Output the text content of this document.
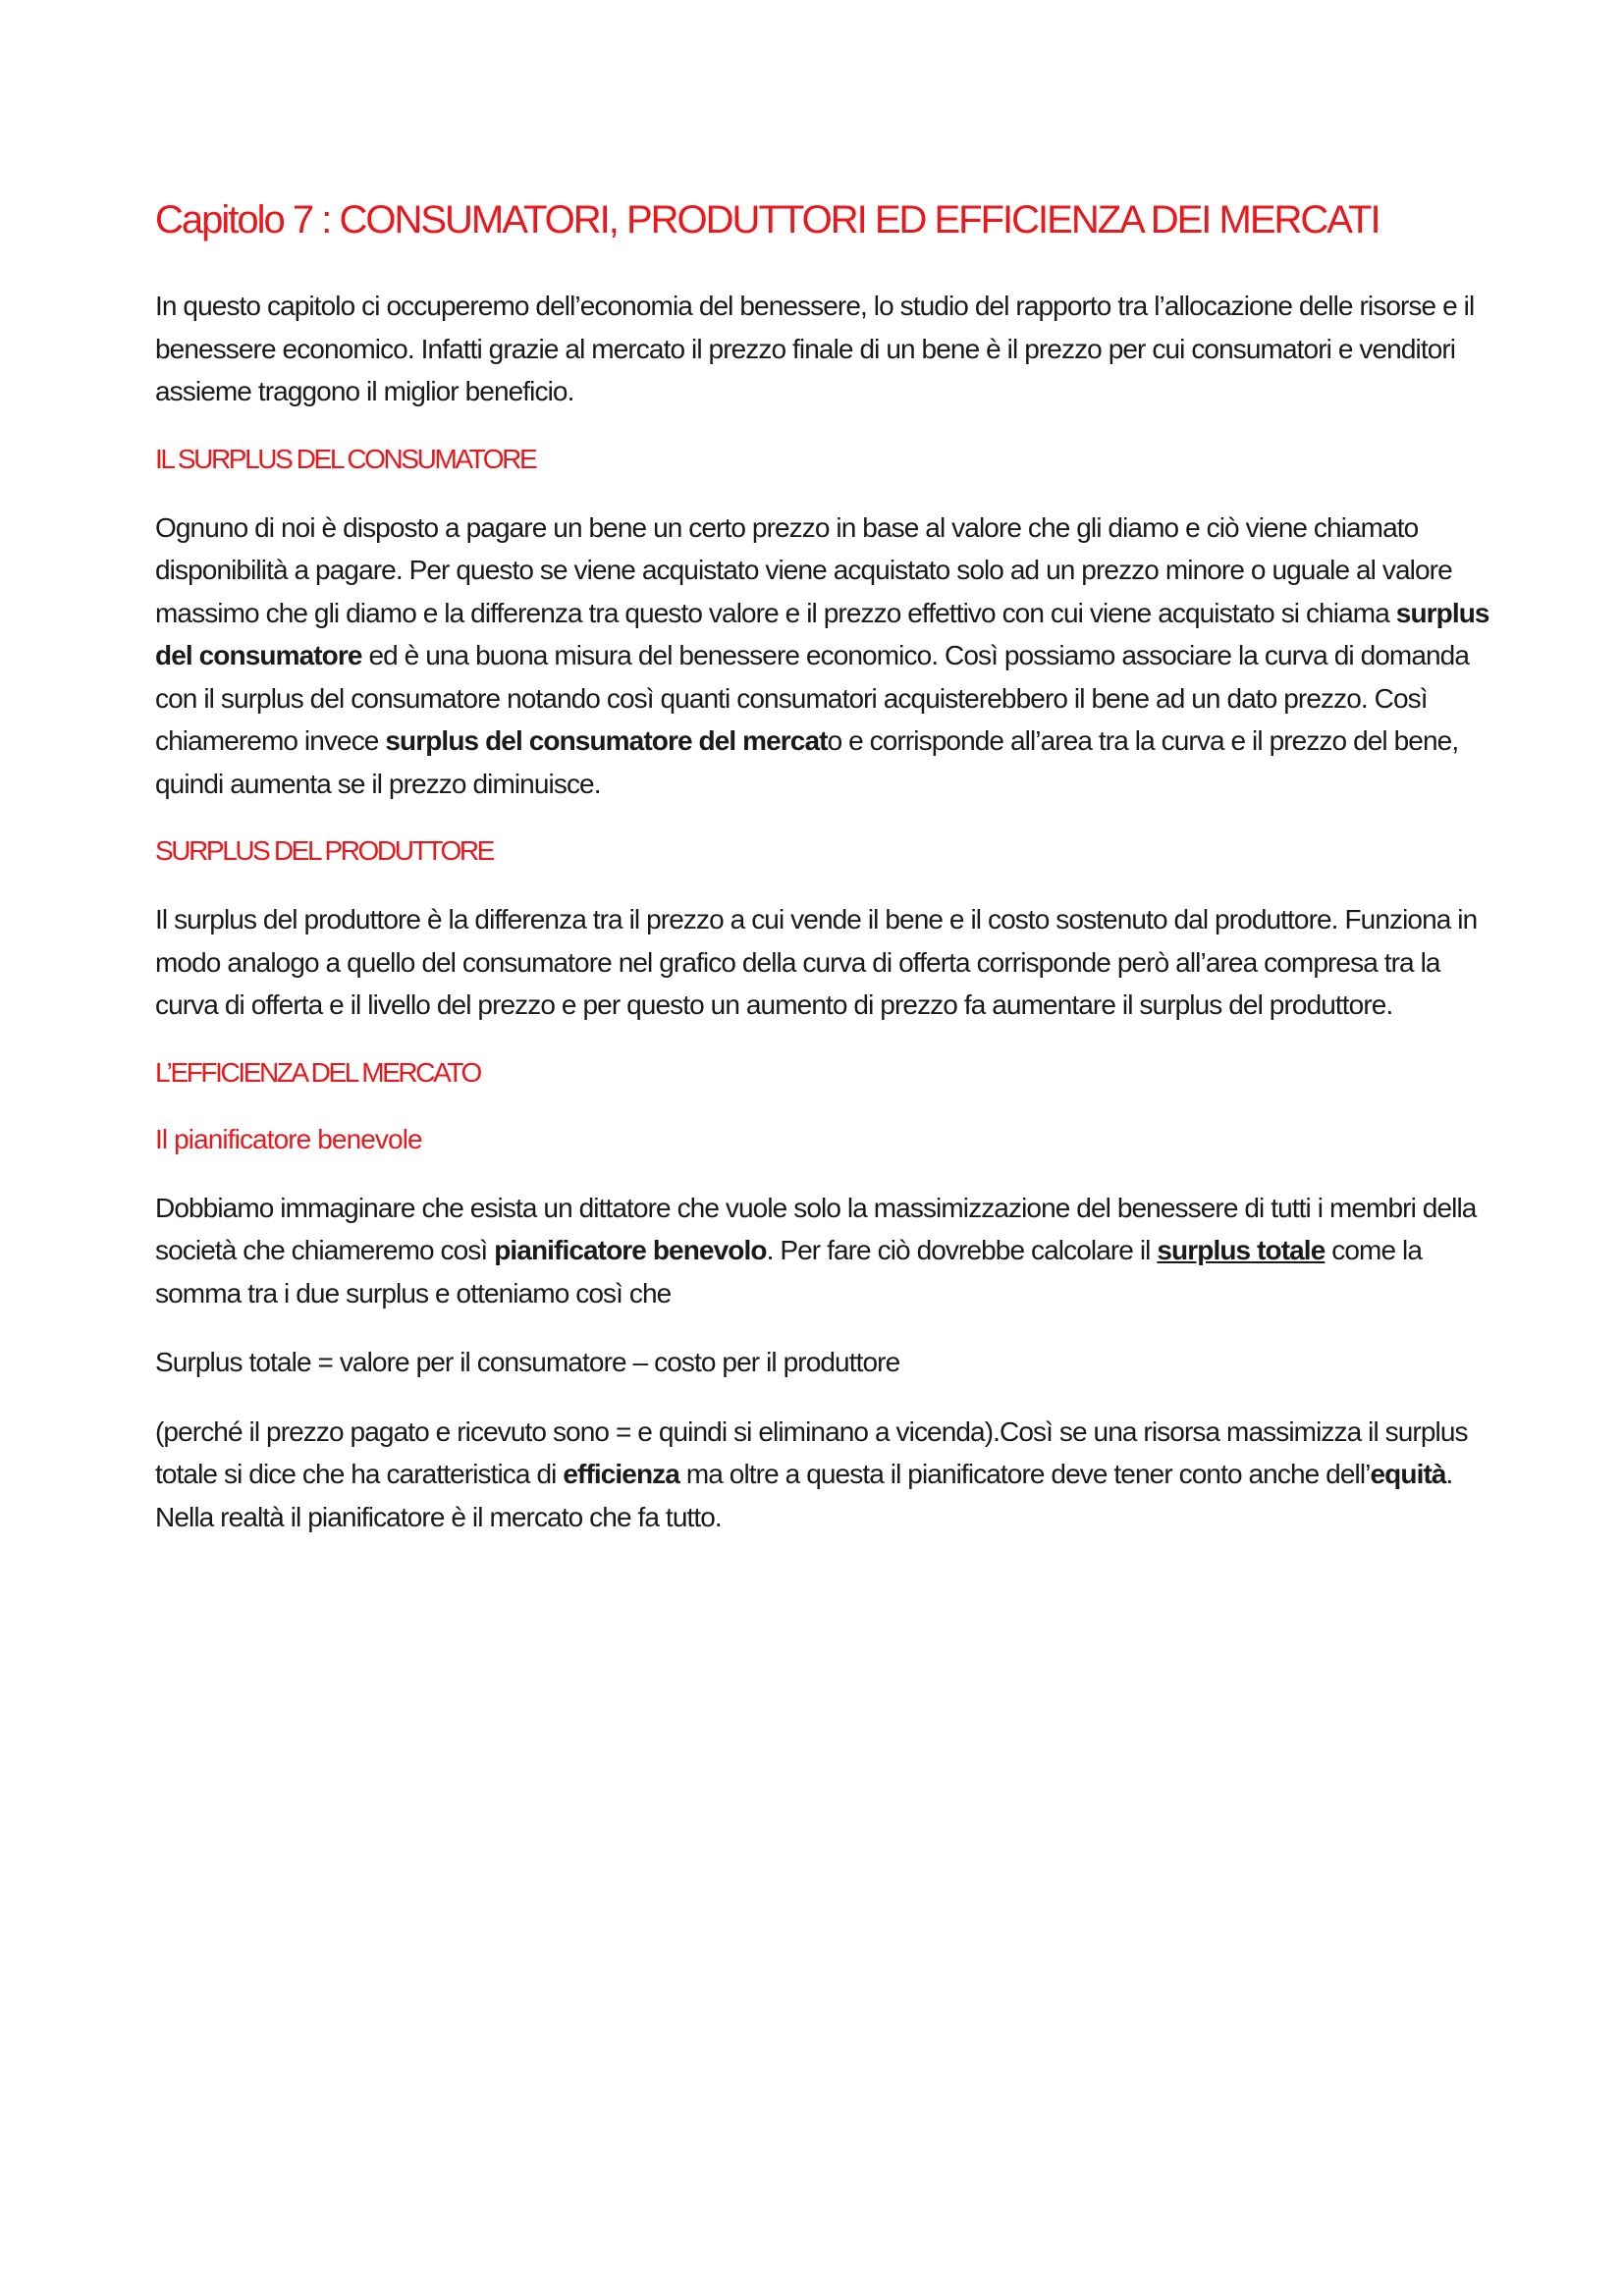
Capitolo 7 : CONSUMATORI, PRODUTTORI ED EFFICIENZA DEI MERCATI

In questo capitolo ci occuperemo dell’economia del benessere, lo studio del rapporto tra l’allocazione delle risorse e il benessere economico. Infatti grazie al mercato il prezzo finale di un bene è il prezzo per cui consumatori e venditori assieme traggono il miglior beneficio.

IL SURPLUS DEL CONSUMATORE

Ognuno di noi è disposto a pagare un bene un certo prezzo in base al valore che gli diamo e ciò viene chiamato disponibilità a pagare. Per questo se viene acquistato viene acquistato solo ad un prezzo minore o uguale al valore massimo che gli diamo e la differenza tra questo valore e il prezzo effettivo con cui viene acquistato si chiama surplus del consumatore ed è una buona misura del benessere economico. Così possiamo associare la curva di domanda con il surplus del consumatore notando così quanti consumatori acquisterebbero il bene ad un dato prezzo. Così chiameremo invece surplus del consumatore del mercato e corrisponde all’area tra la curva e il prezzo del bene, quindi aumenta se il prezzo diminuisce.

SURPLUS DEL PRODUTTORE

Il surplus del produttore è la differenza tra il prezzo a cui vende il bene e il costo sostenuto dal produttore. Funziona in modo analogo a quello del consumatore nel grafico della curva di offerta corrisponde però all’area compresa tra la curva di offerta e il livello del prezzo e per questo un aumento di prezzo fa aumentare il surplus del produttore.

L’EFFICIENZA DEL MERCATO
Il pianificatore benevole

Dobbiamo immaginare che esista un dittatore che vuole solo la massimizzazione del benessere di tutti i membri della società che chiameremo così pianificatore benevolo. Per fare ciò dovrebbe calcolare il surplus totale come la somma tra i due surplus e otteniamo così che

Surplus totale = valore per il consumatore – costo per il produttore

(perché il prezzo pagato e ricevuto sono = e quindi si eliminano a vicenda).Così se una risorsa massimizza il surplus totale si dice che ha caratteristica di efficienza ma oltre a questa il pianificatore deve tener conto anche dell’equità. Nella realtà il pianificatore è il mercato che fa tutto.
